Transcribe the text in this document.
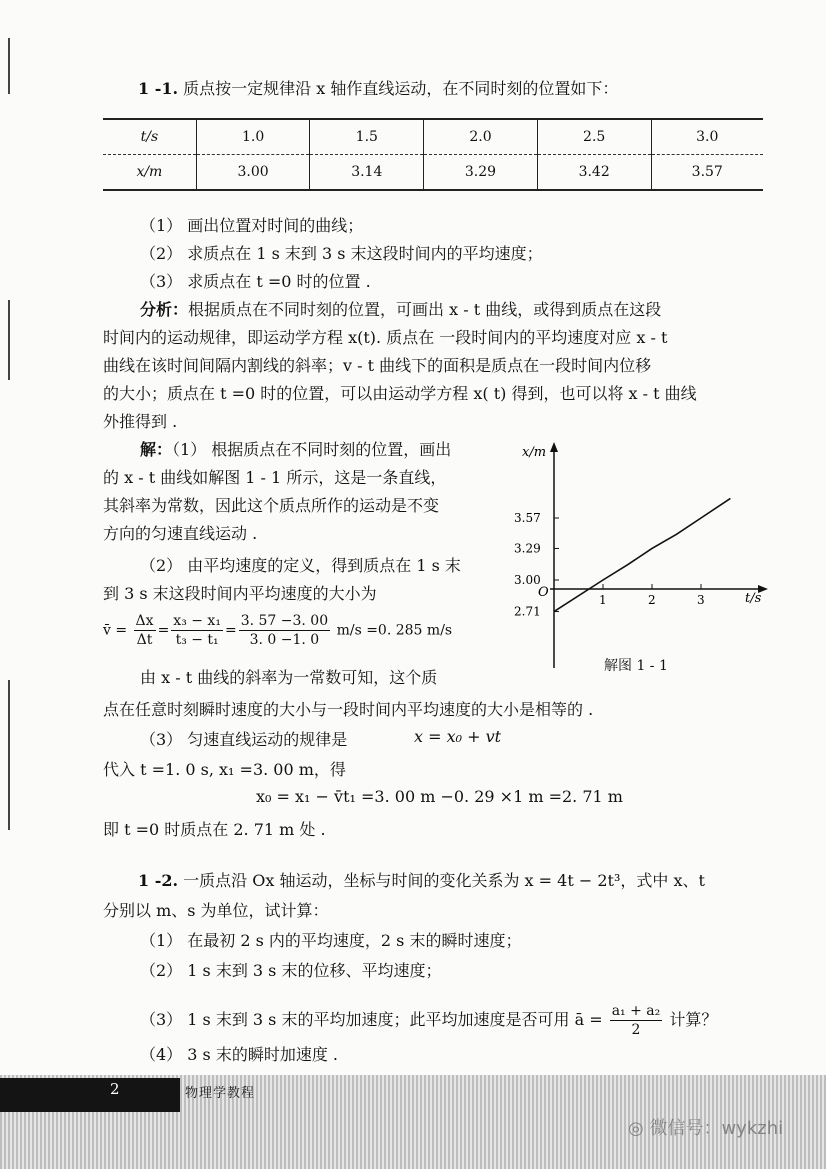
1 -1. 质点按一定规律沿 x 轴作直线运动，在不同时刻的位置如下：
t/s	1.0	1.5	2.0	2.5	3.0
x/m	3.00	3.14	3.29	3.42	3.57
（1） 画出位置对时间的曲线；
（2） 求质点在 1 s 末到 3 s 末这段时间内的平均速度；
（3） 求质点在 t =0 时的位置 .
分析：根据质点在不同时刻的位置，可画出 x - t 曲线，或得到质点在这段
时间内的运动规律，即运动学方程 x(t). 质点在 一段时间内的平均速度对应 x - t
曲线在该时间间隔内割线的斜率；v - t 曲线下的面积是质点在一段时间内位移
的大小；质点在 t =0 时的位置，可以由运动学方程 x( t) 得到，也可以将 x - t 曲线
外推得到 .
解：（1） 根据质点在不同时刻的位置，画出
的 x - t 曲线如解图 1 - 1 所示，这是一条直线，
其斜率为常数，因此这个质点所作的运动是不变
方向的匀速直线运动 .
（2） 由平均速度的定义，得到质点在 1 s 末
到 3 s 末这段时间内平均速度的大小为
v̄ = $\frac{\Delta x}{\Delta t} = \frac{\text{x₃ − x₁}}{\text{t₃ − t₁}} = \frac{3. 57 -3. 00}{3. 0 -1. 0} m/s =0$. 285 m/s
由 x - t 曲线的斜率为一常数可知，这个质
点在任意时刻瞬时速度的大小与一段时间内平均速度的大小是相等的 .
（3） 匀速直线运动的规律是	x = x₀ + vt
代入 t =1. 0 s, x₁ =3. 00 m，得
x₀ = x₁ − v̄t₁ =3. 00 m −0. 29 ×1 m =2. 71 m
即 t =0 时质点在 2. 71 m 处 .
1	2	3
2.71
3.00
3.29
3.57
x/m
t/s
O
解图 1 - 1
1 -2. 一质点沿 Ox 轴运动，坐标与时间的变化关系为 x = 4t − 2t³，式中 x、t
分别以 m、s 为单位，试计算：
（1） 在最初 2 s 内的平均速度，2 s 末的瞬时速度；
（2） 1 s 末到 3 s 末的位移、平均速度；
（3） 1 s 末到 3 s 末的平均加速度；此平均加速度是否可用 ā = $\frac{\text{a₁ + a₂}}{2}$ 计算？
（4） 3 s 末的瞬时加速度 .
2	物理学教程
◎ 微信号：wykzhi
